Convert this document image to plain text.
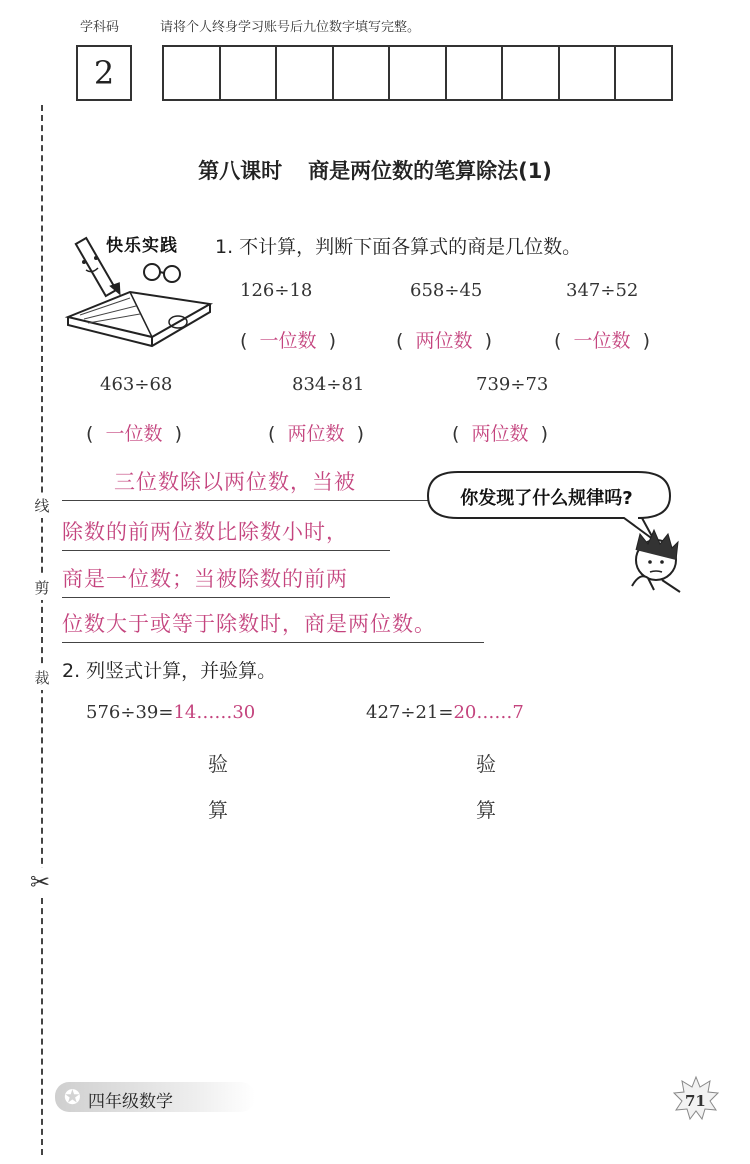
学科码	请将个人终身学习账号后九位数字填写完整。
2
线
剪
裁
✂
第八课时 商是两位数的笔算除法(1)
快乐实践 1. 不计算，判断下面各算式的商是几位数。
126÷18	658÷45	347÷52
(  一位数  )	(  两位数  )	(  一位数  )
463÷68	834÷81	739÷73
(  一位数  )	(  两位数  )	(  两位数  )
三位数除以两位数，当被
除数的前两位数比除数小时，
商是一位数；当被除数的前两
位数大于或等于除数时，商是两位数。
你发现了什么规律吗?
2. 列竖式计算，并验算。
576÷39=14……30	427÷21=20……7
验
算
验
算
✪ 四年级数学	71
